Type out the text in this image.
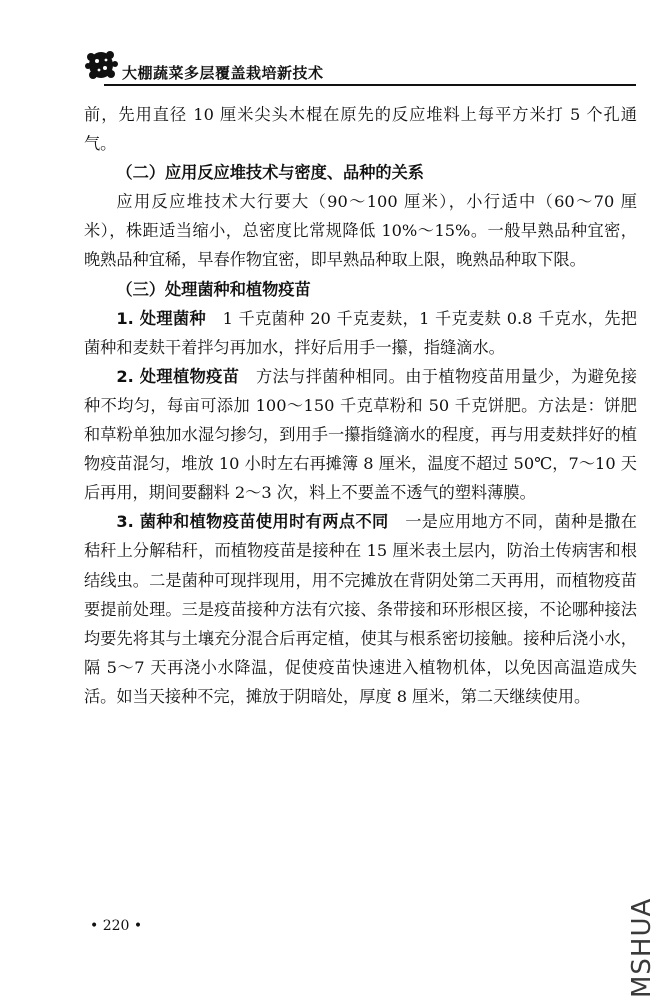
大棚蔬菜多层覆盖栽培新技术

前，先用直径 10 厘米尖头木棍在原先的反应堆料上每平方米打 5 个孔通气。

（二）应用反应堆技术与密度、品种的关系

应用反应堆技术大行要大（90～100 厘米），小行适中（60～70 厘米），株距适当缩小，总密度比常规降低 10%～15%。一般早熟品种宜密，晚熟品种宜稀，早春作物宜密，即早熟品种取上限，晚熟品种取下限。

（三）处理菌种和植物疫苗

1. 处理菌种　1 千克菌种 20 千克麦麸，1 千克麦麸 0.8 千克水，先把菌种和麦麸干着拌匀再加水，拌好后用手一攥，指缝滴水。

2. 处理植物疫苗　方法与拌菌种相同。由于植物疫苗用量少，为避免接种不均匀，每亩可添加 100～150 千克草粉和 50 千克饼肥。方法是：饼肥和草粉单独加水湿匀掺匀，到用手一攥指缝滴水的程度，再与用麦麸拌好的植物疫苗混匀，堆放 10 小时左右再摊簿 8 厘米，温度不超过 50℃，7～10 天后再用，期间要翻料 2～3 次，料上不要盖不透气的塑料薄膜。

3. 菌种和植物疫苗使用时有两点不同　一是应用地方不同，菌种是撒在秸秆上分解秸秆，而植物疫苗是接种在 15 厘米表土层内，防治土传病害和根结线虫。二是菌种可现拌现用，用不完摊放在背阴处第二天再用，而植物疫苗要提前处理。三是疫苗接种方法有穴接、条带接和环形根区接，不论哪种接法均要先将其与土壤充分混合后再定植，使其与根系密切接触。接种后浇小水，隔 5～7 天再浇小水降温，促使疫苗快速进入植物机体，以免因高温造成失活。如当天接种不完，摊放于阴暗处，厚度 8 厘米，第二天继续使用。

• 220 •	MSHUA
